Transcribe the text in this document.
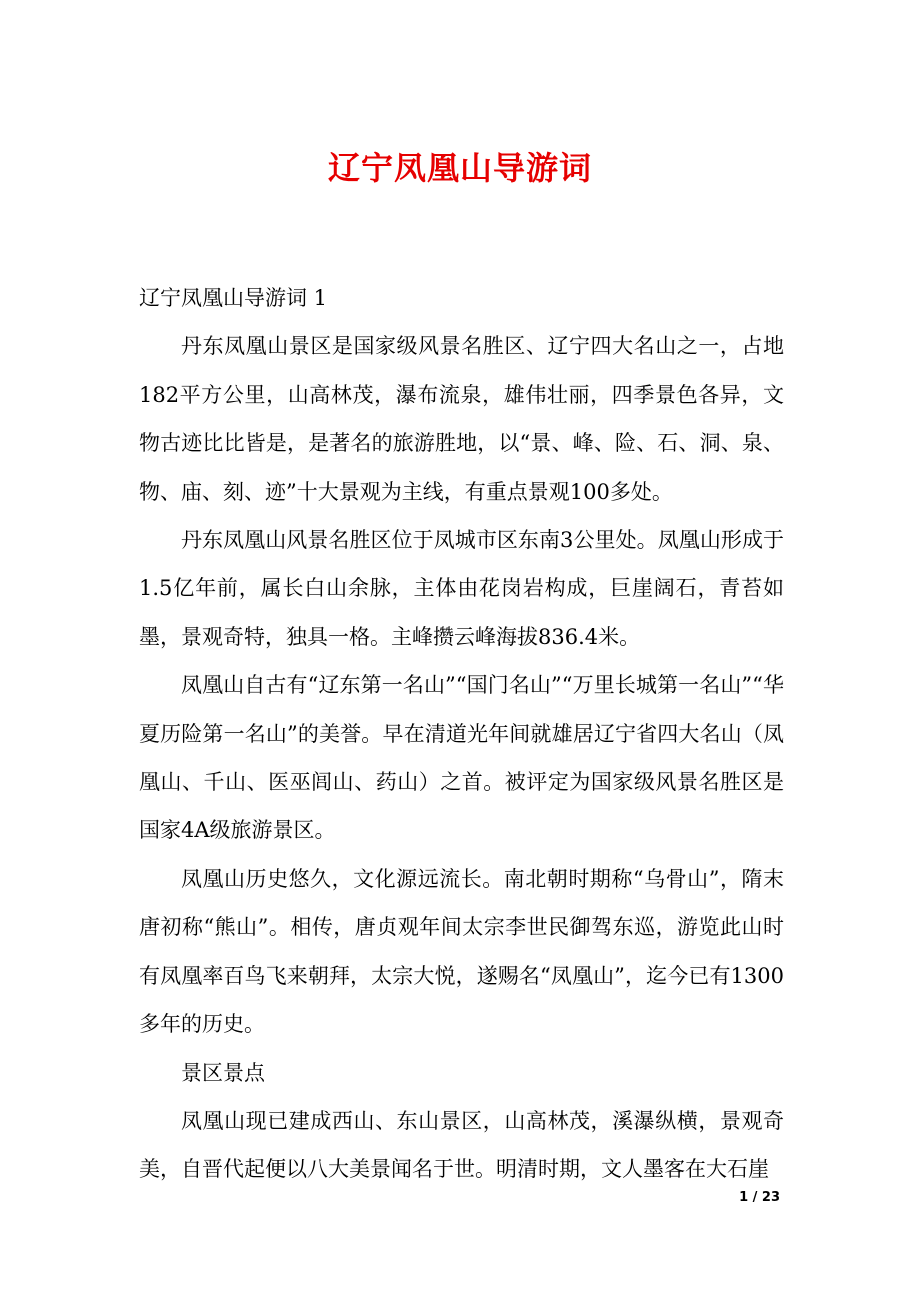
辽宁凤凰山导游词

辽宁凤凰山导游词 1

丹东凤凰山景区是国家级风景名胜区、辽宁四大名山之一，占地182平方公里，山高林茂，瀑布流泉，雄伟壮丽，四季景色各异，文物古迹比比皆是，是著名的旅游胜地，以“景、峰、险、石、洞、泉、物、庙、刻、迹”十大景观为主线，有重点景观100多处。

丹东凤凰山风景名胜区位于凤城市区东南3公里处。凤凰山形成于1.5亿年前，属长白山余脉，主体由花岗岩构成，巨崖阔石，青苔如墨，景观奇特，独具一格。主峰攒云峰海拔836.4米。

凤凰山自古有“辽东第一名山”“国门名山”“万里长城第一名山”“华夏历险第一名山”的美誉。早在清道光年间就雄居辽宁省四大名山（凤凰山、千山、医巫闾山、药山）之首。被评定为国家级风景名胜区是国家4A级旅游景区。

凤凰山历史悠久，文化源远流长。南北朝时期称“乌骨山”，隋末唐初称“熊山”。相传，唐贞观年间太宗李世民御驾东巡，游览此山时有凤凰率百鸟飞来朝拜，太宗大悦，遂赐名“凤凰山”，迄今已有1300多年的历史。

景区景点

凤凰山现已建成西山、东山景区，山高林茂，溪瀑纵横，景观奇美，自晋代起便以八大美景闻名于世。明清时期，文人墨客在大石崖

1 / 23
